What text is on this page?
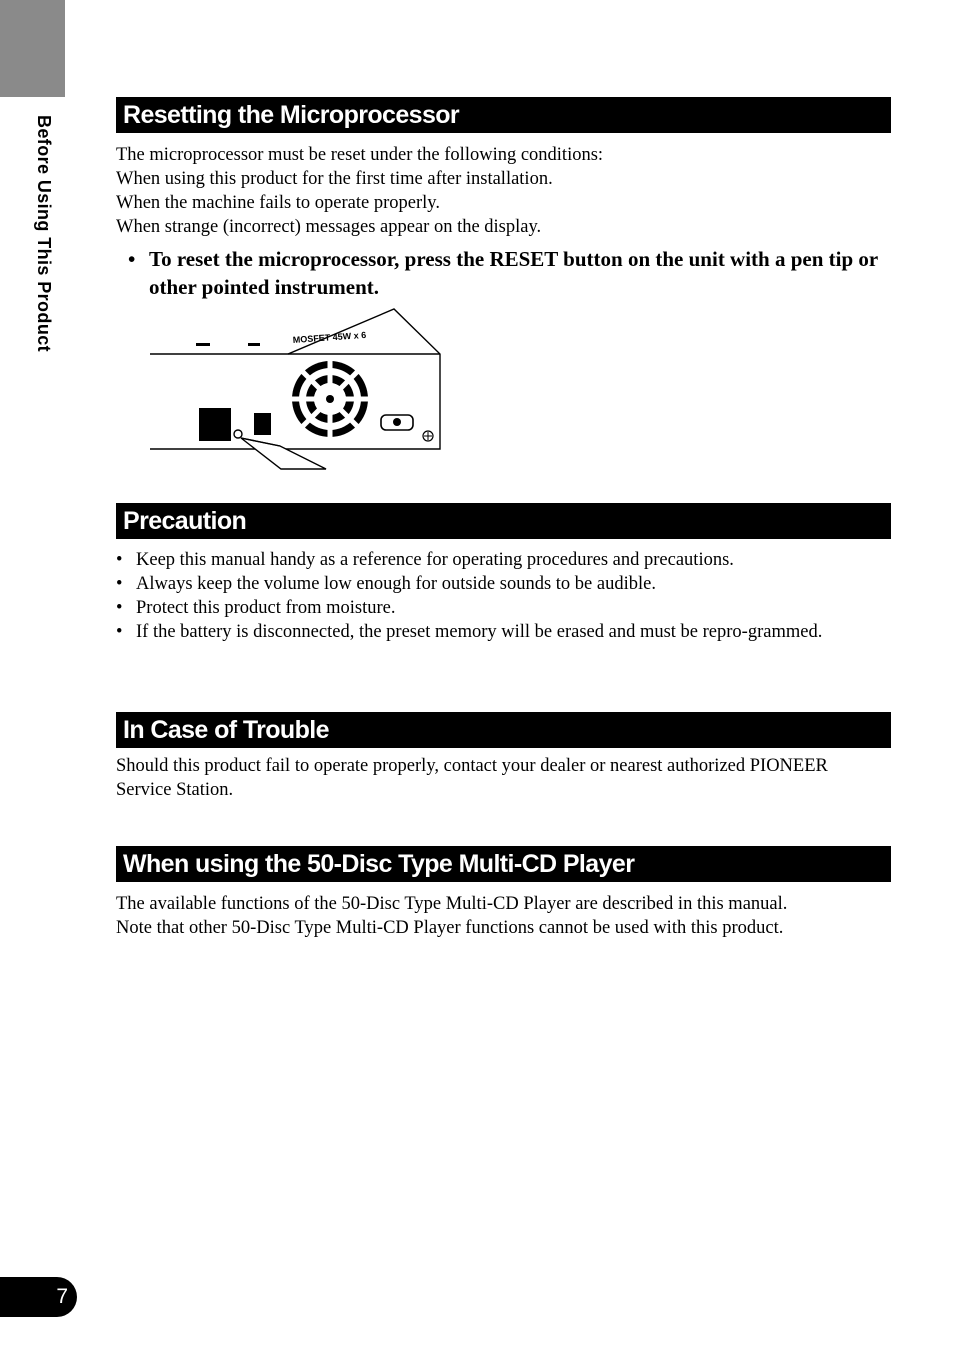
Before Using This Product	Resetting the Microprocessor

The microprocessor must be reset under the following conditions:

When using this product for the first time after installation.

When the machine fails to operate properly.

When strange (incorrect) messages appear on the display.

• To reset the microprocessor, press the RESET button on the unit with a pen tip or other pointed instrument.
MOSFET 45W x 6
Precaution
• Keep this manual handy as a reference for operating procedures and precautions.
• Always keep the volume low enough for outside sounds to be audible.
• Protect this product from moisture.
• If the battery is disconnected, the preset memory will be erased and must be repro-grammed.
In Case of Trouble
Should this product fail to operate properly, contact your dealer or nearest authorized PIONEER Service Station.
When using the 50-Disc Type Multi-CD Player

The available functions of the 50-Disc Type Multi-CD Player are described in this manual.

Note that other 50-Disc Type Multi-CD Player functions cannot be used with this product.

7
